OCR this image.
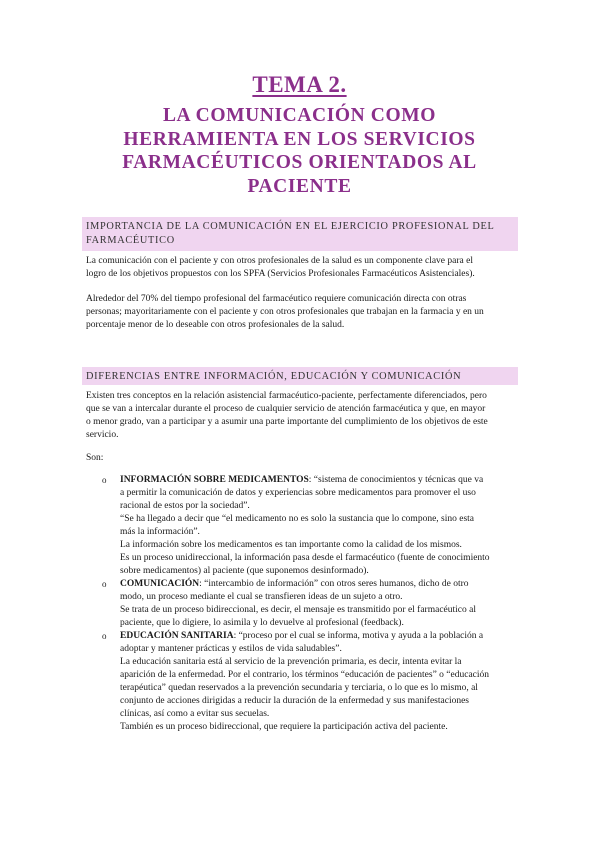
TEMA 2.
LA COMUNICACIÓN COMO
HERRAMIENTA EN LOS SERVICIOS
FARMACÉUTICOS ORIENTADOS AL
PACIENTE
IMPORTANCIA DE LA COMUNICACIÓN EN EL EJERCICIO PROFESIONAL DEL
FARMACÉUTICO
La comunicación con el paciente y con otros profesionales de la salud es un componente clave para el
logro de los objetivos propuestos con los SPFA (Servicios Profesionales Farmacéuticos Asistenciales).
Alrededor del 70% del tiempo profesional del farmacéutico requiere comunicación directa con otras
personas; mayoritariamente con el paciente y con otros profesionales que trabajan en la farmacia y en un
porcentaje menor de lo deseable con otros profesionales de la salud.
DIFERENCIAS ENTRE INFORMACIÓN, EDUCACIÓN Y COMUNICACIÓN
Existen tres conceptos en la relación asistencial farmacéutico-paciente, perfectamente diferenciados, pero
que se van a intercalar durante el proceso de cualquier servicio de atención farmacéutica y que, en mayor
o menor grado, van a participar y a asumir una parte importante del cumplimiento de los objetivos de este
servicio.
Son:
o INFORMACIÓN SOBRE MEDICAMENTOS: “sistema de conocimientos y técnicas que va
a permitir la comunicación de datos y experiencias sobre medicamentos para promover el uso
racional de estos por la sociedad”.
“Se ha llegado a decir que “el medicamento no es solo la sustancia que lo compone, sino esta
más la información”.
La información sobre los medicamentos es tan importante como la calidad de los mismos.
Es un proceso unidireccional, la información pasa desde el farmacéutico (fuente de conocimiento
sobre medicamentos) al paciente (que suponemos desinformado).
o COMUNICACIÓN: “intercambio de información” con otros seres humanos, dicho de otro
modo, un proceso mediante el cual se transfieren ideas de un sujeto a otro.
Se trata de un proceso bidireccional, es decir, el mensaje es transmitido por el farmacéutico al
paciente, que lo digiere, lo asimila y lo devuelve al profesional (feedback).
o EDUCACIÓN SANITARIA: “proceso por el cual se informa, motiva y ayuda a la población a
adoptar y mantener prácticas y estilos de vida saludables”.
La educación sanitaria está al servicio de la prevención primaria, es decir, intenta evitar la
aparición de la enfermedad. Por el contrario, los términos “educación de pacientes” o “educación
terapéutica” quedan reservados a la prevención secundaria y terciaria, o lo que es lo mismo, al
conjunto de acciones dirigidas a reducir la duración de la enfermedad y sus manifestaciones
clínicas, así como a evitar sus secuelas.
También es un proceso bidireccional, que requiere la participación activa del paciente.
